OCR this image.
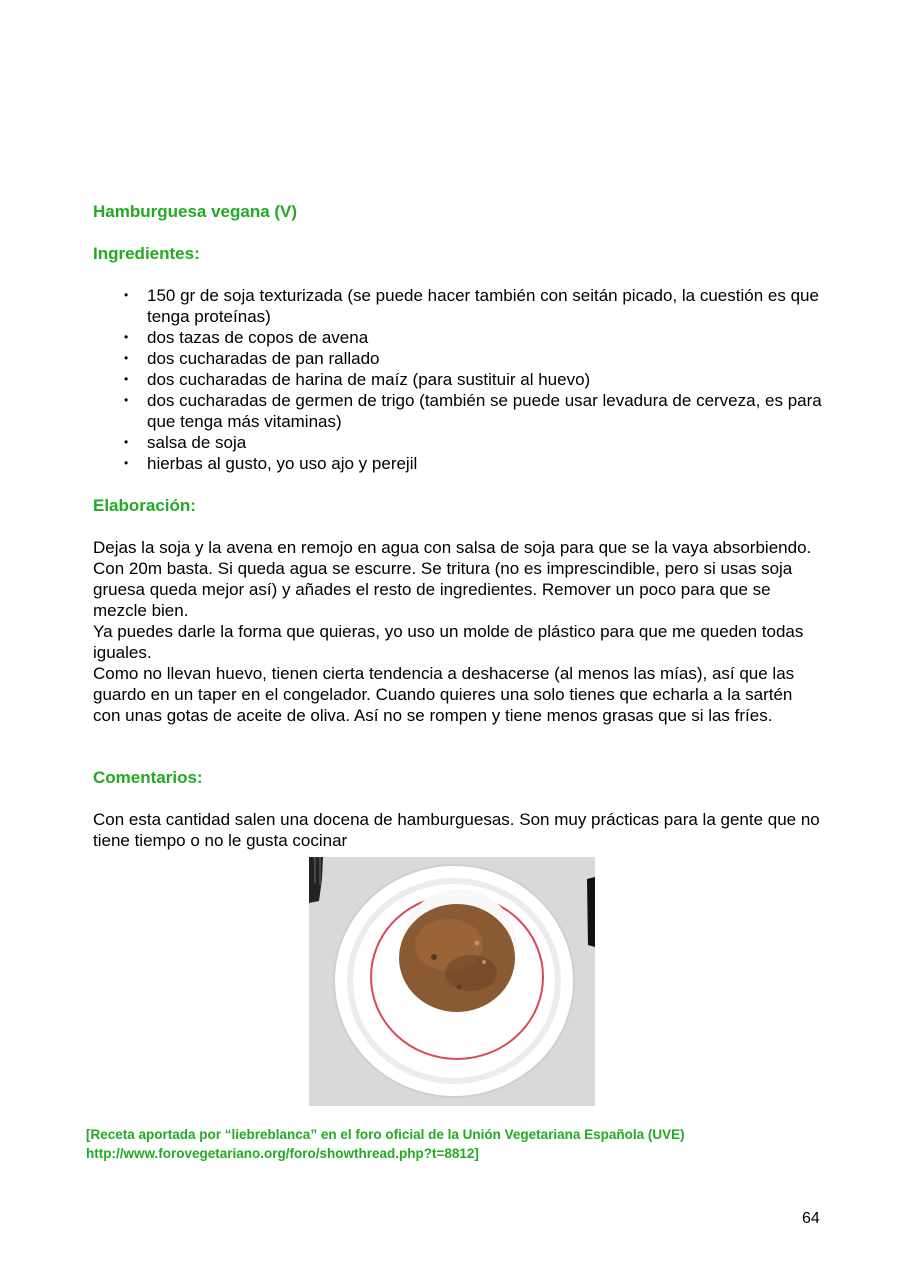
Hamburguesa vegana (V)
Ingredientes:
• 150 gr de soja texturizada (se puede hacer también con seitán picado, la cuestión es que tenga proteínas)
• dos tazas de copos de avena
• dos cucharadas de pan rallado
• dos cucharadas de harina de maíz (para sustituir al huevo)
• dos cucharadas de germen de trigo (también se puede usar levadura de cerveza, es para que tenga más vitaminas)
• salsa de soja
• hierbas al gusto, yo uso ajo y perejil
Elaboración:

Dejas la soja y la avena en remojo en agua con salsa de soja para que se la vaya absorbiendo. Con 20m basta. Si queda agua se escurre. Se tritura (no es imprescindible, pero si usas soja gruesa queda mejor así) y añades el resto de ingredientes. Remover un poco para que se mezcle bien.

Ya puedes darle la forma que quieras, yo uso un molde de plástico para que me queden todas iguales.

Como no llevan huevo, tienen cierta tendencia a deshacerse (al menos las mías), así que las guardo en un taper en el congelador. Cuando quieres una solo tienes que echarla a la sartén con unas gotas de aceite de oliva. Así no se rompen y tiene menos grasas que si las fríes.

Comentarios:

Con esta cantidad salen una docena de hamburguesas. Son muy prácticas para la gente que no tiene tiempo o no le gusta cocinar

[Receta aportada por “liebreblanca” en el foro oficial de la Unión Vegetariana Española (UVE)
http://www.forovegetariano.org/foro/showthread.php?t=8812]

64
